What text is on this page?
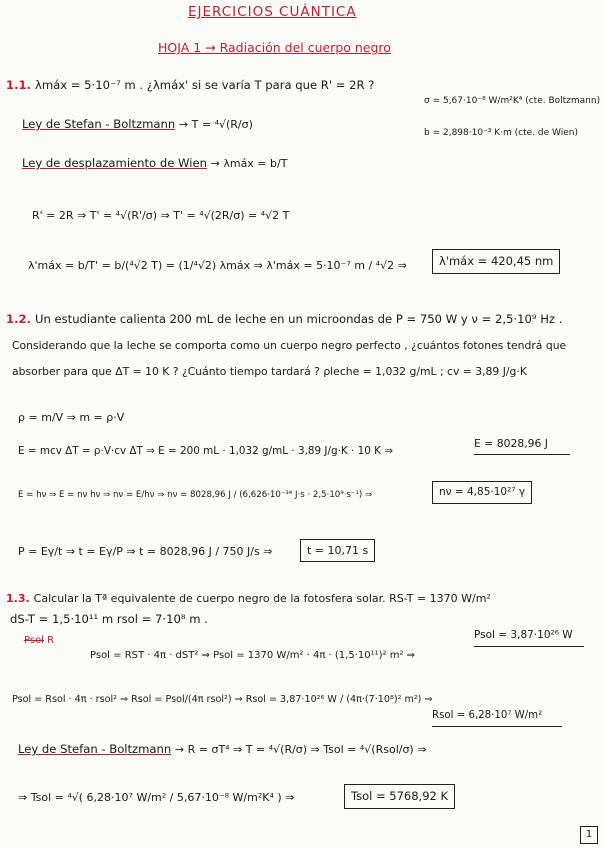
EJERCICIOS CUÁNTICA
HOJA 1 → Radiación del cuerpo negro
1.1. λmáx = 5·10⁻⁷ m . ¿λmáx' si se varía T para que R' = 2R ?
σ = 5,67·10⁻⁸ W/m²K⁴ (cte. Boltzmann)
b = 2,898·10⁻³ K·m (cte. de Wien)
Ley de Stefan - Boltzmann → T = ⁴√(R/σ)
Ley de desplazamiento de Wien → λmáx = b/T
R' = 2R ⇒ T' = ⁴√(R'/σ) ⇒ T' = ⁴√(2R/σ) = ⁴√2 T
λ'máx = b/T' = b/(⁴√2 T) = (1/⁴√2) λmáx ⇒ λ'máx = 5·10⁻⁷ m / ⁴√2 ⇒	λ'máx = 420,45 nm
1.2. Un estudiante calienta 200 mL de leche en un microondas de P = 750 W y ν = 2,5·10⁹ Hz .
Considerando que la leche se comporta como un cuerpo negro perfecto , ¿cuántos fotones tendrá que
absorber para que ΔT = 10 K ? ¿Cuánto tiempo tardará ? ρleche = 1,032 g/mL ; cv = 3,89 J/g·K
ρ = m/V ⇒ m = ρ·V
E = mcv ΔT = ρ·V·cv ΔT ⇒ E = 200 mL · 1,032 g/mL · 3,89 J/g·K · 10 K ⇒
E = 8028,96 J
E = hν ⇒ E = nν hν ⇒ nν = E/hν ⇒ nν = 8028,96 J / (6,626·10⁻³⁴ J·s · 2,5·10⁹ s⁻¹) ⇒	nν = 4,85·10²⁷ γ
P = Eγ/t ⇒ t = Eγ/P ⇒ t = 8028,96 J / 750 J/s ⇒	t = 10,71 s
1.3. Calcular la Tª equivalente de cuerpo negro de la fotosfera solar. RS-T = 1370 W/m²
dS-T = 1,5·10¹¹ m rsol = 7·10⁸ m .
Psol R
Psol = RST · 4π · dST² ⇒ Psol = 1370 W/m² · 4π · (1,5·10¹¹)² m² ⇒
Psol = 3,87·10²⁶ W
Psol = Rsol · 4π · rsol² ⇒ Rsol = Psol/(4π rsol²) ⇒ Rsol = 3,87·10²⁶ W / (4π·(7·10⁸)² m²) ⇒
Rsol = 6,28·10⁷ W/m²
Ley de Stefan - Boltzmann → R = σT⁴ ⇒ T = ⁴√(R/σ) ⇒ Tsol = ⁴√(Rsol/σ) ⇒
⇒ Tsol = ⁴√( 6,28·10⁷ W/m² / 5,67·10⁻⁸ W/m²K⁴ ) ⇒	Tsol = 5768,92 K
1
